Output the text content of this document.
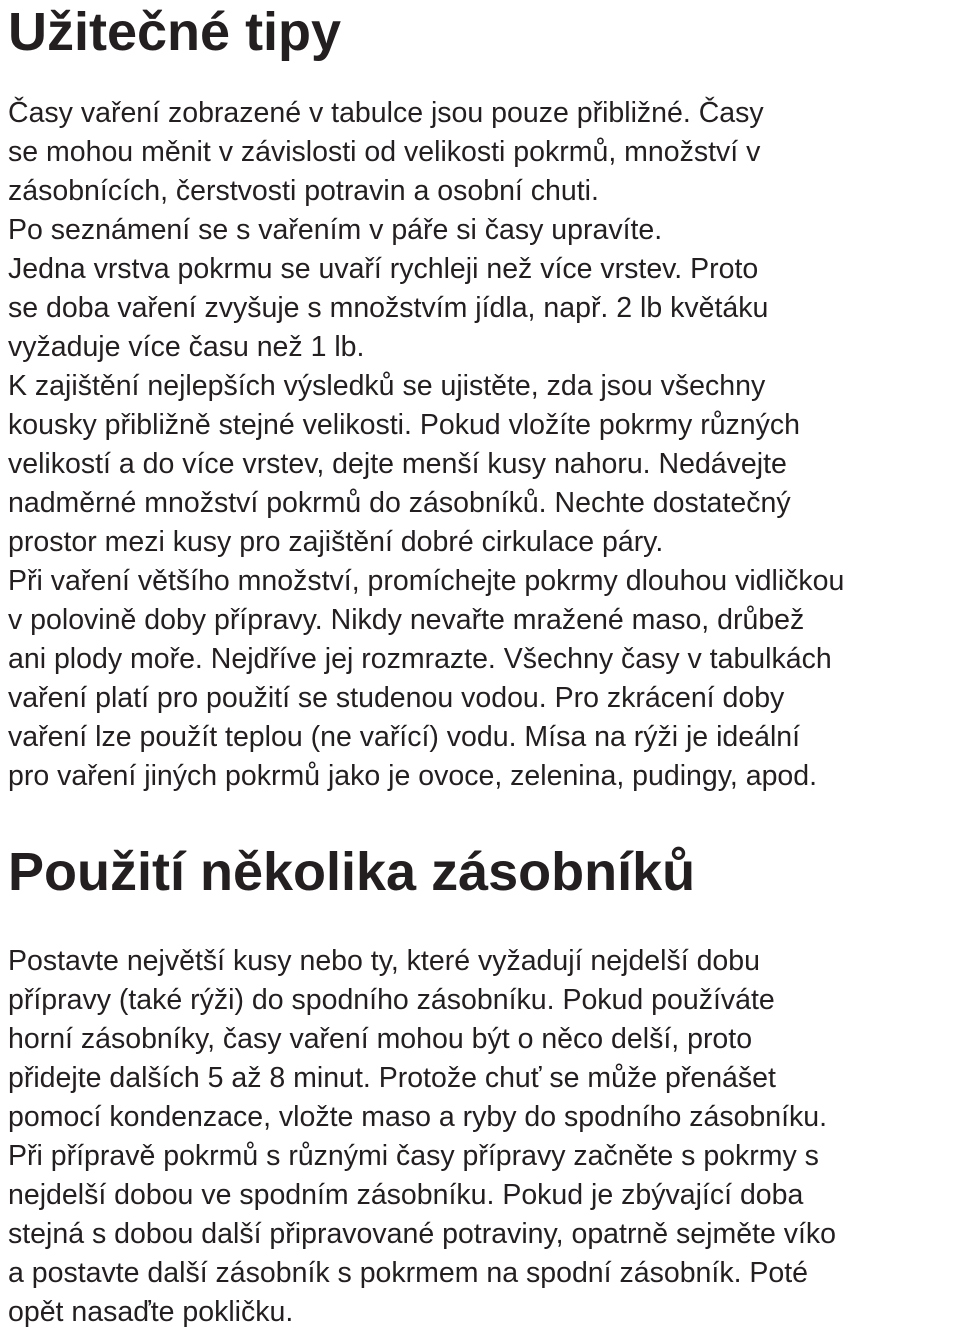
Užitečné tipy
Časy vaření zobrazené v tabulce jsou pouze přibližné. Časy
se mohou měnit v závislosti od velikosti pokrmů, množství v
zásobnících, čerstvosti potravin a osobní chuti.
Po seznámení se s vařením v páře si časy upravíte.
Jedna vrstva pokrmu se uvaří rychleji než více vrstev. Proto
se doba vaření zvyšuje s množstvím jídla, např. 2 lb květáku
vyžaduje více času než 1 lb.
K zajištění nejlepších výsledků se ujistěte, zda jsou všechny
kousky přibližně stejné velikosti. Pokud vložíte pokrmy různých
velikostí a do více vrstev, dejte menší kusy nahoru. Nedávejte
nadměrné množství pokrmů do zásobníků. Nechte dostatečný
prostor mezi kusy pro zajištění dobré cirkulace páry.
Při vaření většího množství, promíchejte pokrmy dlouhou vidličkou
v polovině doby přípravy. Nikdy nevařte mražené maso, drůbež
ani plody moře. Nejdříve jej rozmrazte. Všechny časy v tabulkách
vaření platí pro použití se studenou vodou. Pro zkrácení doby
vaření lze použít teplou (ne vařící) vodu. Mísa na rýži je ideální
pro vaření jiných pokrmů jako je ovoce, zelenina, pudingy, apod.
Použití několika zásobníků
Postavte největší kusy nebo ty, které vyžadují nejdelší dobu
přípravy (také rýži) do spodního zásobníku. Pokud používáte
horní zásobníky, časy vaření mohou být o něco delší, proto
přidejte dalších 5 až 8 minut. Protože chuť se může přenášet
pomocí kondenzace, vložte maso a ryby do spodního zásobníku.
Při přípravě pokrmů s různými časy přípravy začněte s pokrmy s
nejdelší dobou ve spodním zásobníku. Pokud je zbývající doba
stejná s dobou další připravované potraviny, opatrně sejměte víko
a postavte další zásobník s pokrmem na spodní zásobník. Poté
opět nasaďte pokličku.
